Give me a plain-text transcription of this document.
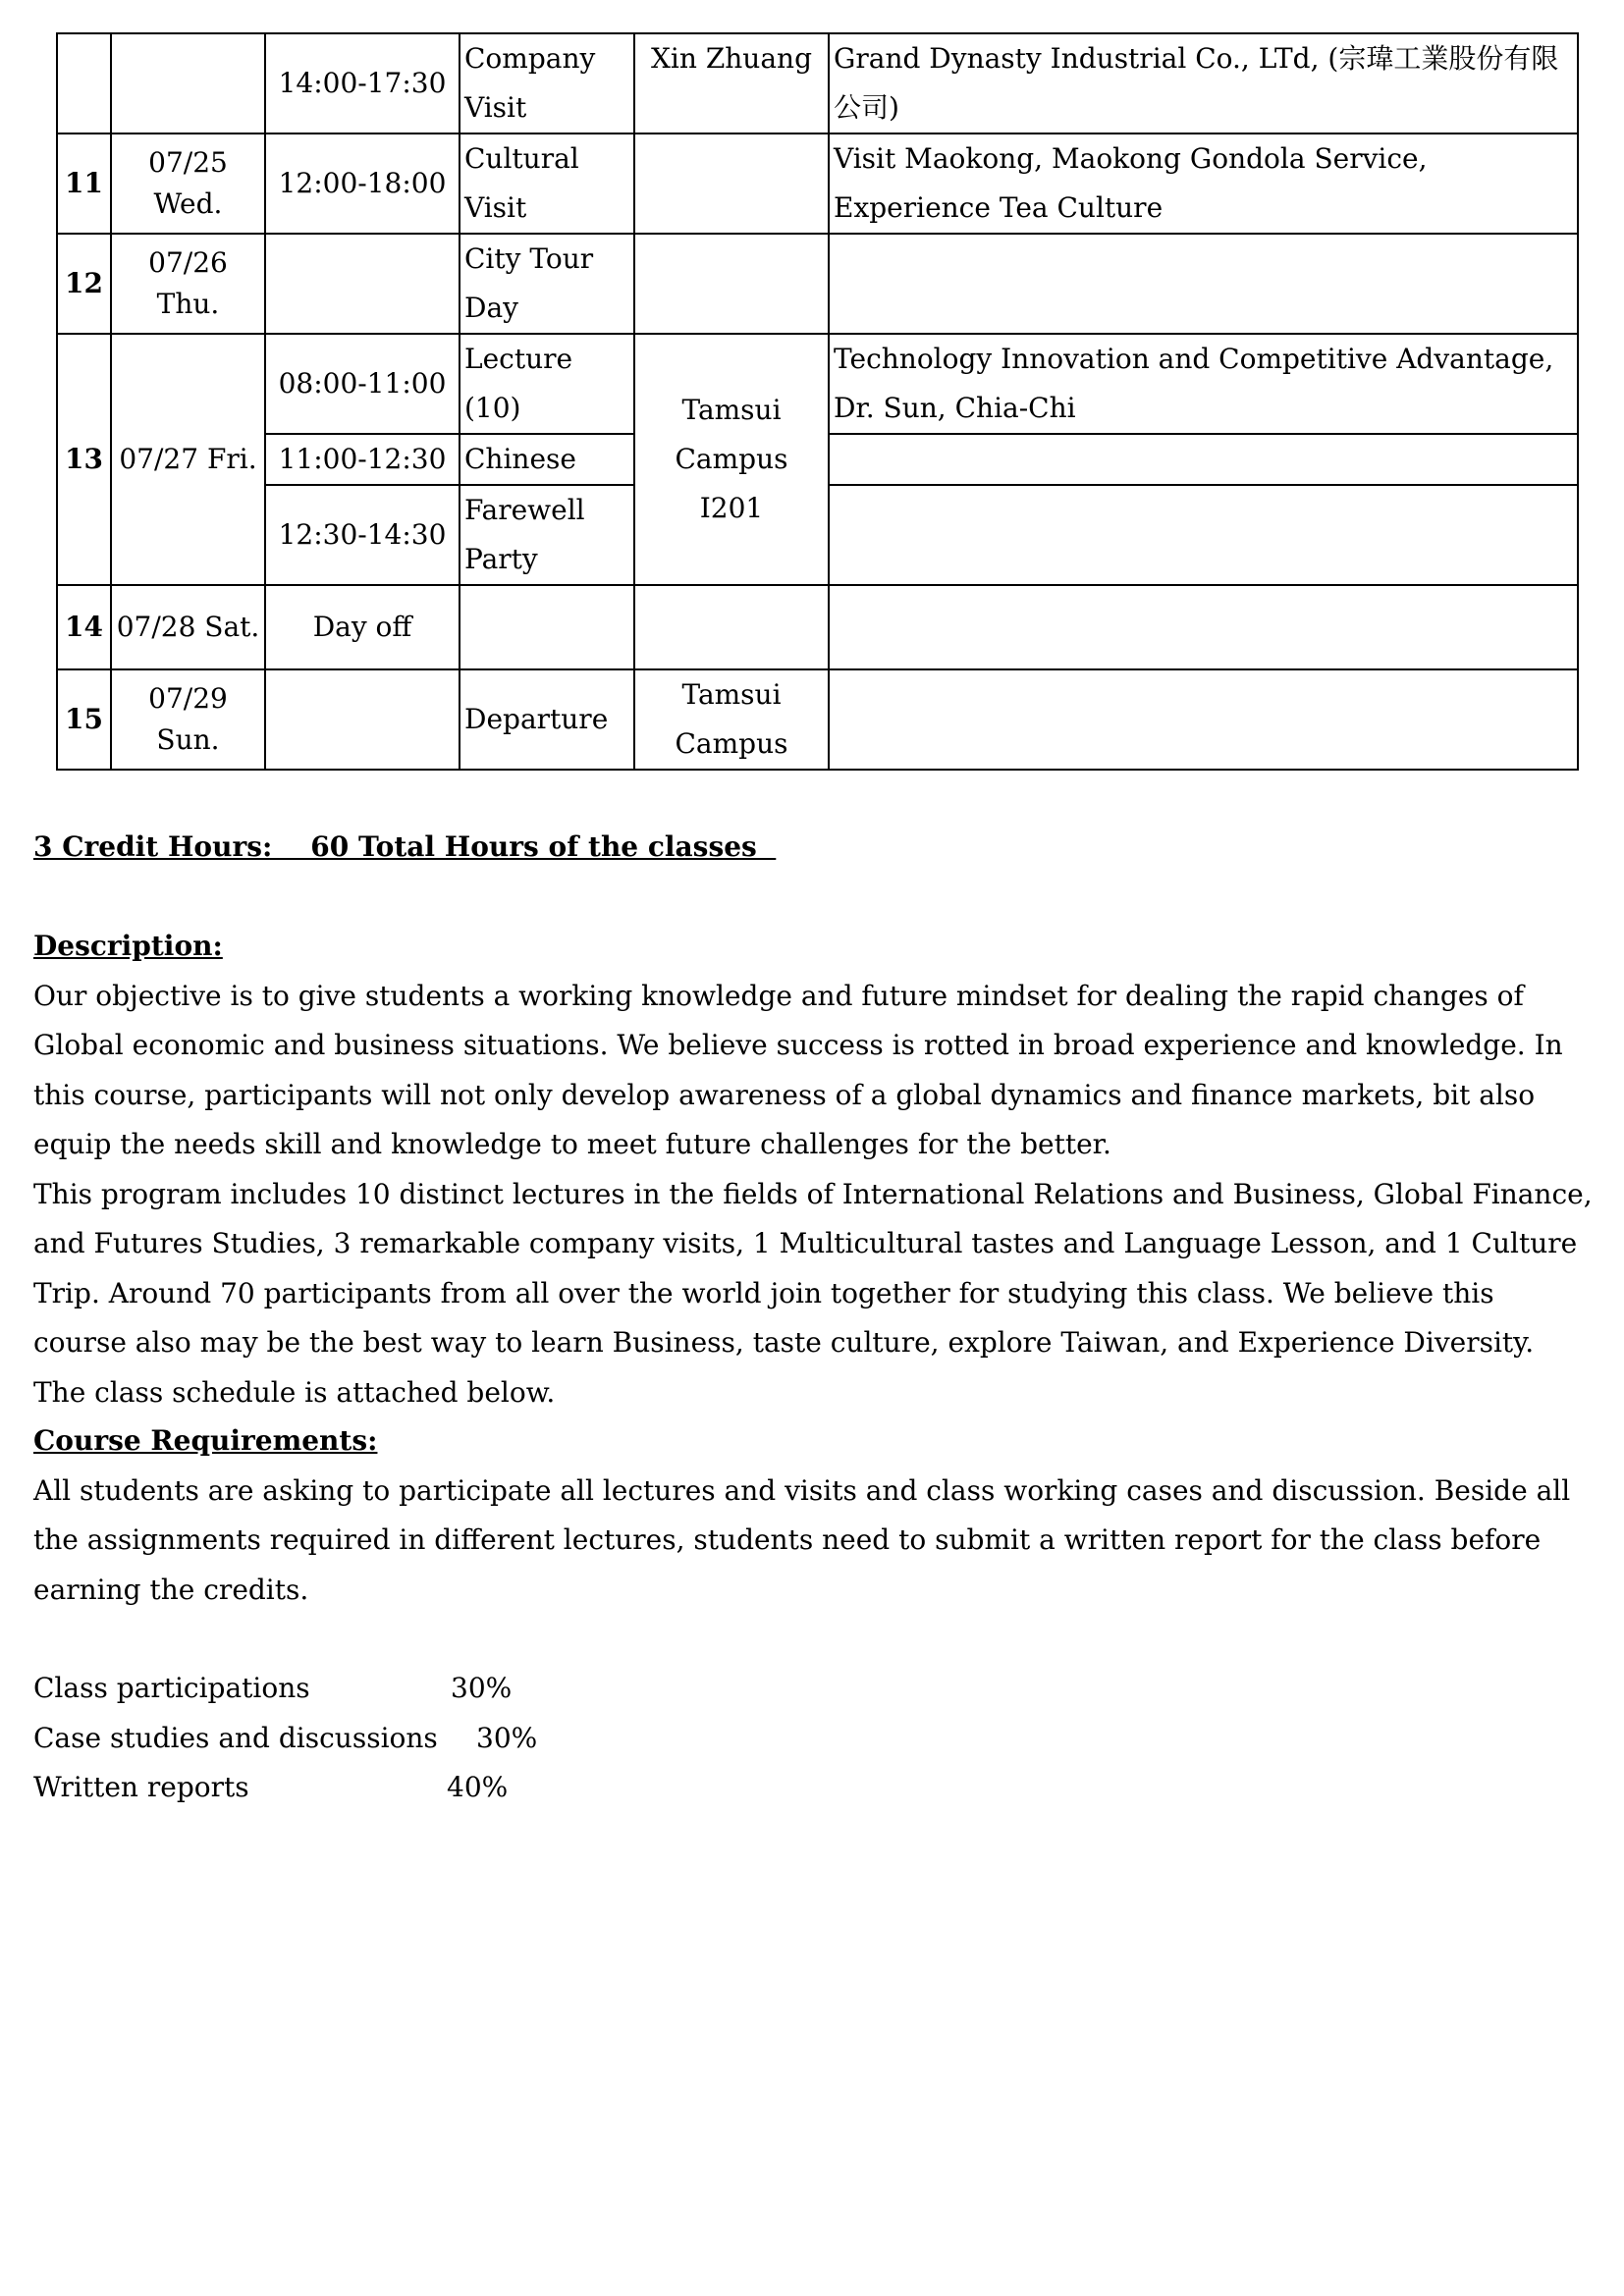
		14:00-17:30	Company Visit	Xin Zhuang	Grand Dynasty Industrial Co., LTd, (宗瑋工業股份有限公司)
11	07/25 Wed.	12:00-18:00	Cultural Visit		Visit Maokong, Maokong Gondola Service, Experience Tea Culture
12	07/26 Thu.		City Tour Day		
13	07/27 Fri.	08:00-11:00	Lecture (10)	Tamsui Campus I201	Technology Innovation and Competitive Advantage, Dr. Sun, Chia-Chi
		11:00-12:30	Chinese		
		12:30-14:30	Farewell Party		
14	07/28 Sat.	Day off			
15	07/29 Sun.		Departure	Tamsui Campus	
3 Credit Hours:    60 Total Hours of the classes
Description:

Our objective is to give students a working knowledge and future mindset for dealing the rapid changes of Global economic and business situations. We believe success is rotted in broad experience and knowledge. In this course, participants will not only develop awareness of a global dynamics and finance markets, bit also equip the needs skill and knowledge to meet future challenges for the better.

This program includes 10 distinct lectures in the fields of International Relations and Business, Global Finance, and Futures Studies, 3 remarkable company visits, 1 Multicultural tastes and Language Lesson, and 1 Culture Trip. Around 70 participants from all over the world join together for studying this class. We believe this course also may be the best way to learn Business, taste culture, explore Taiwan, and Experience Diversity. The class schedule is attached below.

Course Requirements:

All students are asking to participate all lectures and visits and class working cases and discussion. Beside all the assignments required in different lectures, students need to submit a written report for the class before earning the credits.

Class participations	30%
Case studies and discussions 30%
Written reports	40%
